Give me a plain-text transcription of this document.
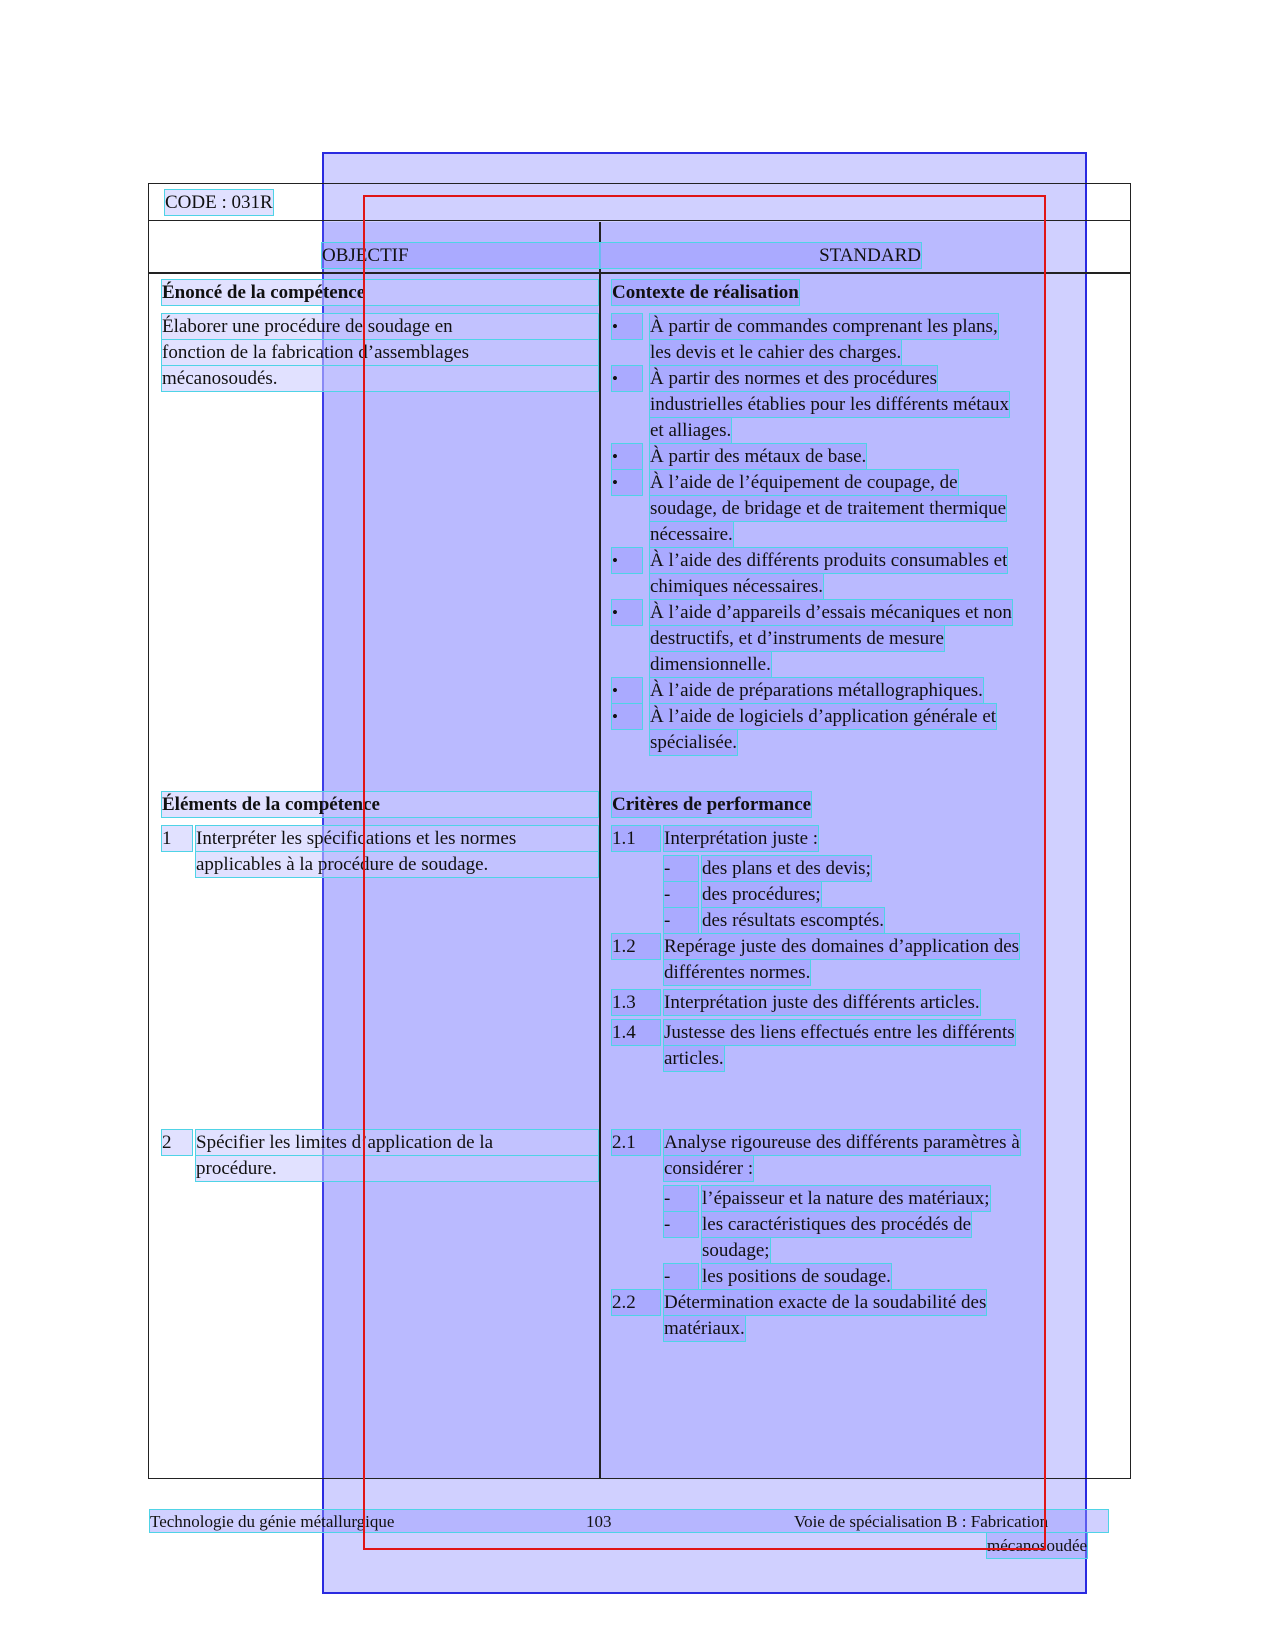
CODE : 031R
OBJECTIF	STANDARD
Énoncé de la compétence
Élaborer une procédure de soudage en
fonction de la fabrication d’assemblages
mécanosoudés.
Contexte de réalisation
•	À partir de commandes comprenant les plans,
les devis et le cahier des charges.
•	À partir des normes et des procédures
industrielles établies pour les différents métaux
et alliages.
•	À partir des métaux de base.
•	À l’aide de l’équipement de coupage, de
soudage, de bridage et de traitement thermique
nécessaire.
•	À l’aide des différents produits consumables et
chimiques nécessaires.
•	À l’aide d’appareils d’essais mécaniques et non
destructifs, et d’instruments de mesure
dimensionnelle.
•	À l’aide de préparations métallographiques.
•	À l’aide de logiciels d’application générale et
spécialisée.
Éléments de la compétence
1	Interpréter les spécifications et les normes
applicables à la procédure de soudage.
2	Spécifier les limites d’application de la
procédure.
Critères de performance
1.1	Interprétation juste :
-	des plans et des devis;
-	des procédures;
-	des résultats escomptés.
1.2	Repérage juste des domaines d’application des
différentes normes.
1.3	Interprétation juste des différents articles.
1.4	Justesse des liens effectués entre les différents
articles.
2.1	Analyse rigoureuse des différents paramètres à
considérer :
-	l’épaisseur et la nature des matériaux;
-	les caractéristiques des procédés de
soudage;
-	les positions de soudage.
2.2	Détermination exacte de la soudabilité des
matériaux.
Technologie du génie métallurgique	103	Voie de spécialisation B : Fabrication
mécanosoudée
